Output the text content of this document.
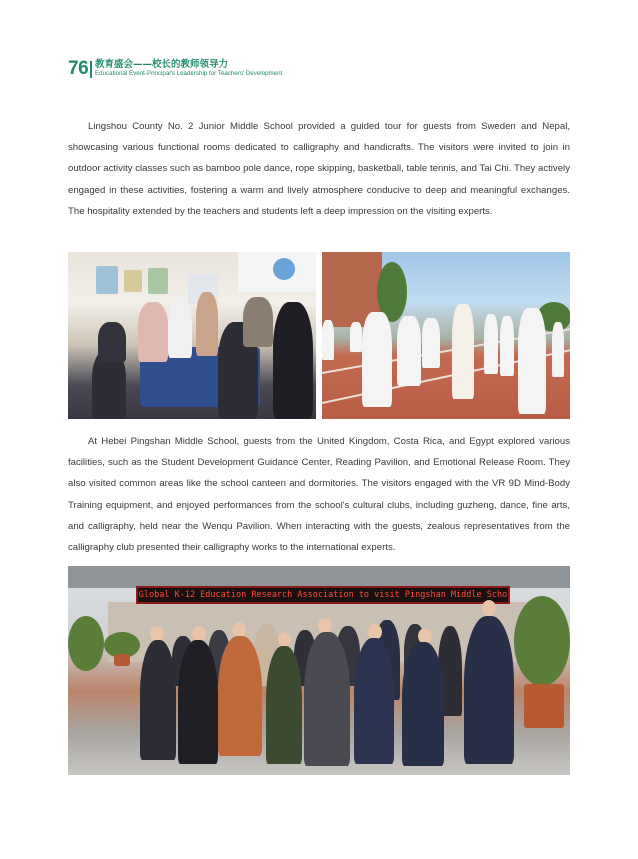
76 教育盛会——校长的教师领导力
Educational Event-Principal's Leadership for Teachers' Development

Lingshou County No. 2 Junior Middle School provided a guided tour for guests from Sweden and Nepal, showcasing various functional rooms dedicated to calligraphy and handicrafts. The visitors were invited to join in outdoor activity classes such as bamboo pole dance, rope skipping, basketball, table tennis, and Tai Chi. They actively engaged in these activities, fostering a warm and lively atmosphere conducive to deep and meaningful exchanges. The hospitality extended by the teachers and students left a deep impression on the visiting experts.

At Hebei Pingshan Middle School, guests from the United Kingdom, Costa Rica, and Egypt explored various facilities, such as the Student Development Guidance Center, Reading Pavilion, and Emotional Release Room. They also visited common areas like the school canteen and dormitories. The visitors engaged with the VR 9D Mind-Body Training equipment, and enjoyed performances from the school's cultural clubs, including guzheng, dance, fine arts, and calligraphy, held near the Wenqu Pavilion. When interacting with the guests, zealous representatives from the calligraphy club presented their calligraphy works to the international experts.

Global K-12 Education Research Association to visit Pingshan Middle Scho
